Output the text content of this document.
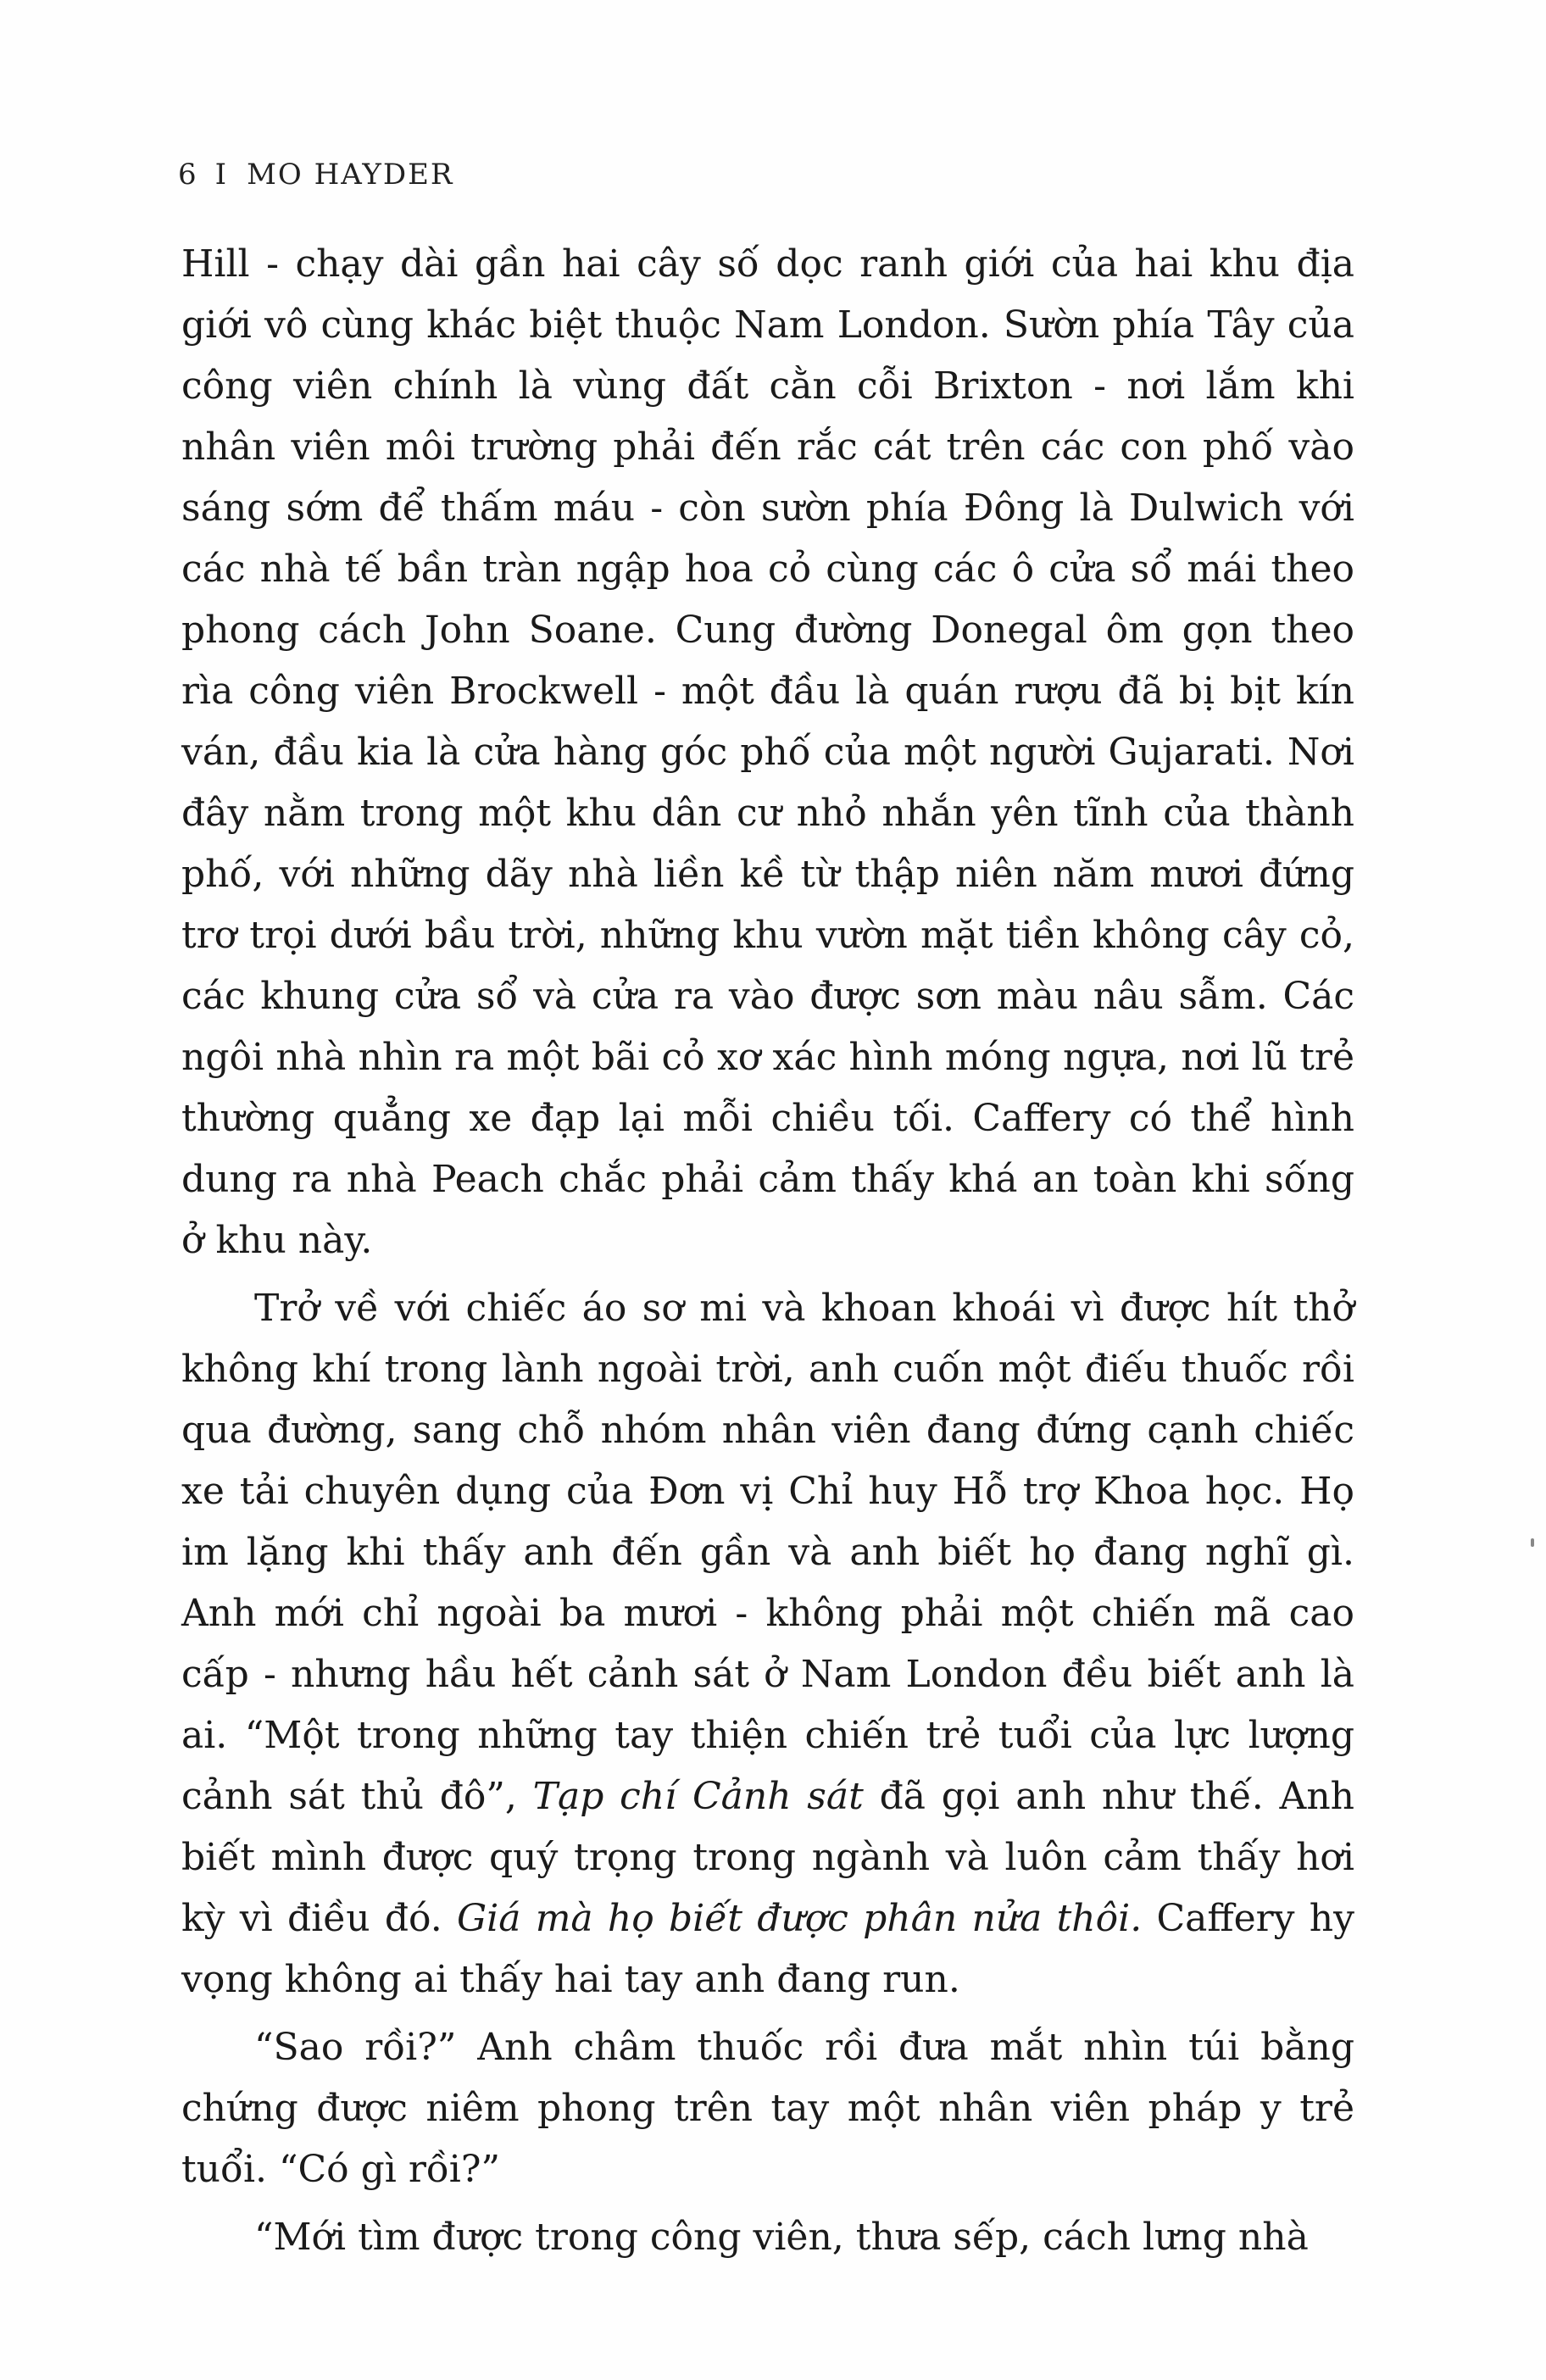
6 I MO HAYDER

Hill - chạy dài gần hai cây số dọc ranh giới của hai khu địa giới vô cùng khác biệt thuộc Nam London. Sườn phía Tây của công viên chính là vùng đất cằn cỗi Brixton - nơi lắm khi nhân viên môi trường phải đến rắc cát trên các con phố vào sáng sớm để thấm máu - còn sườn phía Đông là Dulwich với các nhà tế bần tràn ngập hoa cỏ cùng các ô cửa sổ mái theo phong cách John Soane. Cung đường Donegal ôm gọn theo rìa công viên Brockwell - một đầu là quán rượu đã bị bịt kín ván, đầu kia là cửa hàng góc phố của một người Gujarati. Nơi đây nằm trong một khu dân cư nhỏ nhắn yên tĩnh của thành phố, với những dãy nhà liền kề từ thập niên năm mươi đứng trơ trọi dưới bầu trời, những khu vườn mặt tiền không cây cỏ, các khung cửa sổ và cửa ra vào được sơn màu nâu sẫm. Các ngôi nhà nhìn ra một bãi cỏ xơ xác hình móng ngựa, nơi lũ trẻ thường quẳng xe đạp lại mỗi chiều tối. Caffery có thể hình dung ra nhà Peach chắc phải cảm thấy khá an toàn khi sống ở khu này.

Trở về với chiếc áo sơ mi và khoan khoái vì được hít thở không khí trong lành ngoài trời, anh cuốn một điếu thuốc rồi qua đường, sang chỗ nhóm nhân viên đang đứng cạnh chiếc xe tải chuyên dụng của Đơn vị Chỉ huy Hỗ trợ Khoa học. Họ im lặng khi thấy anh đến gần và anh biết họ đang nghĩ gì. Anh mới chỉ ngoài ba mươi - không phải một chiến mã cao cấp - nhưng hầu hết cảnh sát ở Nam London đều biết anh là ai. “Một trong những tay thiện chiến trẻ tuổi của lực lượng cảnh sát thủ đô”, Tạp chí Cảnh sát đã gọi anh như thế. Anh biết mình được quý trọng trong ngành và luôn cảm thấy hơi kỳ vì điều đó. Giá mà họ biết được phân nửa thôi. Caffery hy vọng không ai thấy hai tay anh đang run.

“Sao rồi?” Anh châm thuốc rồi đưa mắt nhìn túi bằng chứng được niêm phong trên tay một nhân viên pháp y trẻ tuổi. “Có gì rồi?”

“Mới tìm được trong công viên, thưa sếp, cách lưng nhà
